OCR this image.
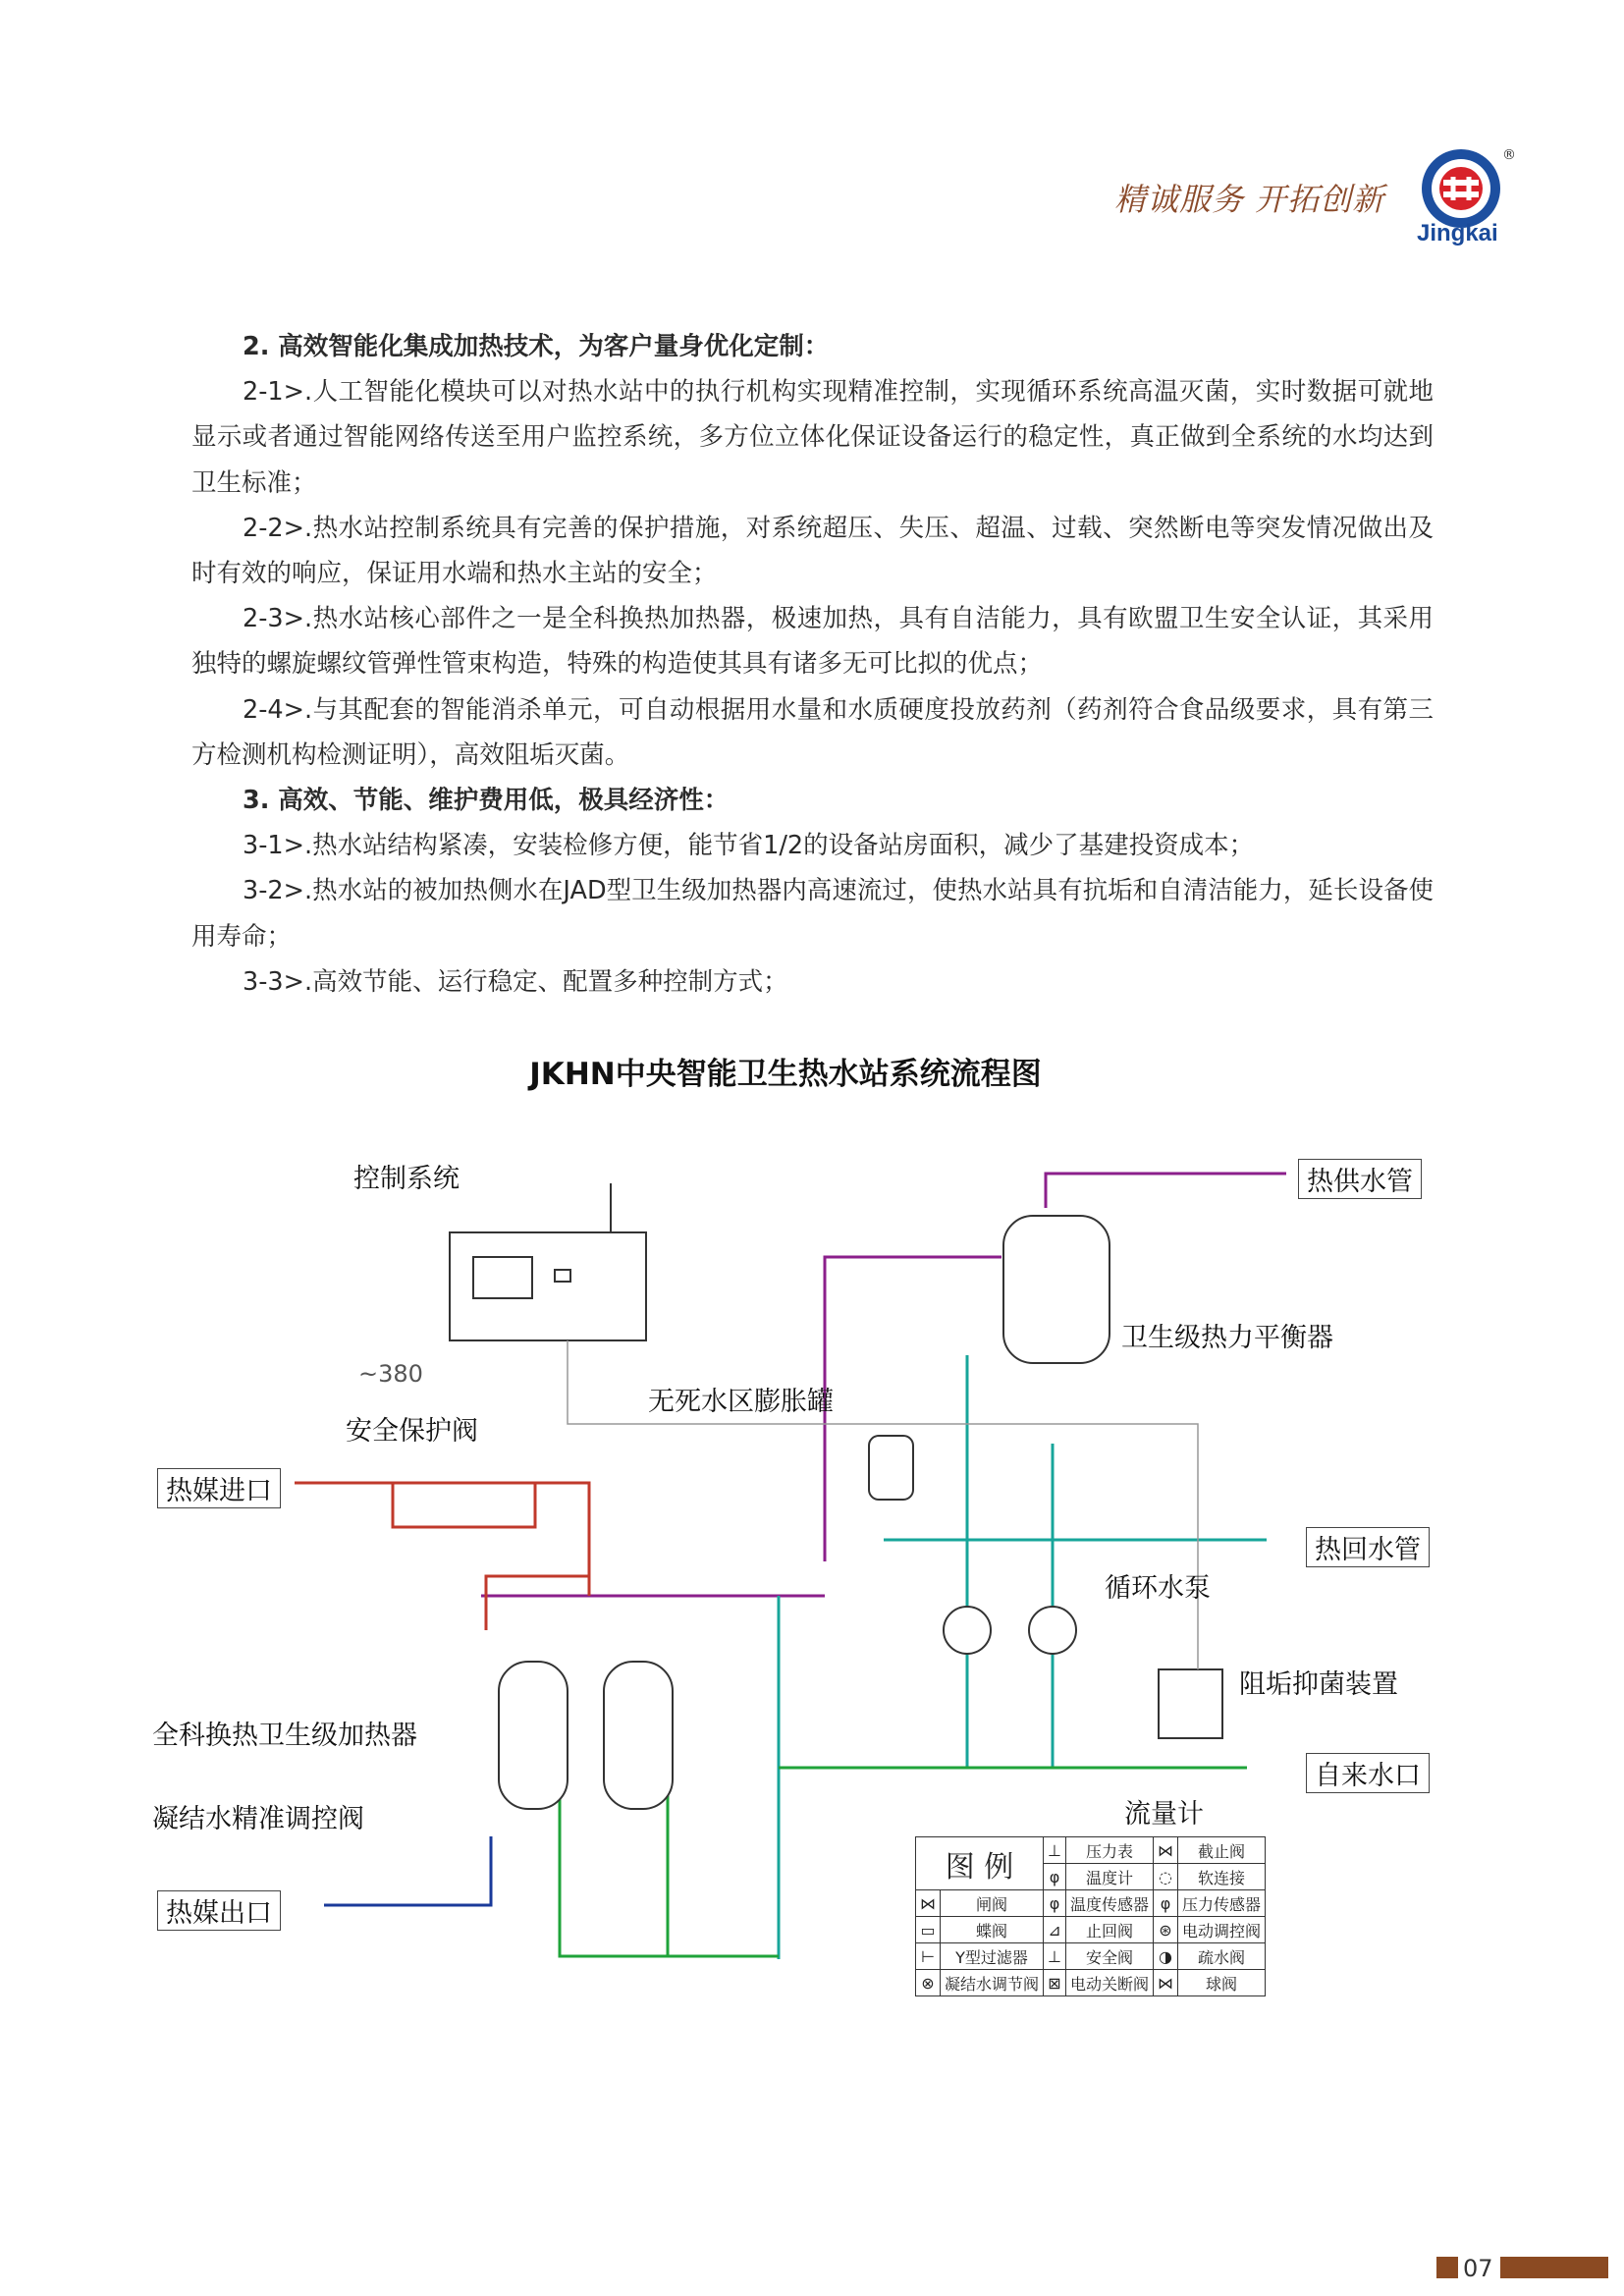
精诚服务 开拓创新
®
Jingkai

2. 高效智能化集成加热技术，为客户量身优化定制：

2-1>.人工智能化模块可以对热水站中的执行机构实现精准控制，实现循环系统高温灭菌，实时数据可就地显示或者通过智能网络传送至用户监控系统，多方位立体化保证设备运行的稳定性，真正做到全系统的水均达到卫生标准；

2-2>.热水站控制系统具有完善的保护措施，对系统超压、失压、超温、过载、突然断电等突发情况做出及时有效的响应，保证用水端和热水主站的安全；

2-3>.热水站核心部件之一是全科换热加热器，极速加热，具有自洁能力，具有欧盟卫生安全认证，其采用独特的螺旋螺纹管弹性管束构造，特殊的构造使其具有诸多无可比拟的优点；

2-4>.与其配套的智能消杀单元，可自动根据用水量和水质硬度投放药剂（药剂符合食品级要求，具有第三方检测机构检测证明），高效阻垢灭菌。

3. 高效、节能、维护费用低，极具经济性：

3-1>.热水站结构紧凑，安装检修方便，能节省1/2的设备站房面积，减少了基建投资成本；

3-2>.热水站的被加热侧水在JAD型卫生级加热器内高速流过，使热水站具有抗垢和自清洁能力，延长设备使用寿命；

3-3>.高效节能、运行稳定、配置多种控制方式；

JKHN中央智能卫生热水站系统流程图
控制系统
~380
安全保护阀
热媒进口
无死水区膨胀罐
卫生级热力平衡器
热供水管
热回水管
循环水泵
阻垢抑菌装置
自来水口
流量计
全科换热卫生级加热器
凝结水精准调控阀
热媒出口
图 例		⊥	压力表	⋈	截止阀
		φ	温度计	◌	软连接
⋈	闸阀	φ	温度传感器	φ	压力传感器
▭	蝶阀	⊿	止回阀	⊛	电动调控阀
⊢	Y型过滤器	⊥	安全阀	◑	疏水阀
⊗	凝结水调节阀	⊠	电动关断阀	⋈	球阀
07
